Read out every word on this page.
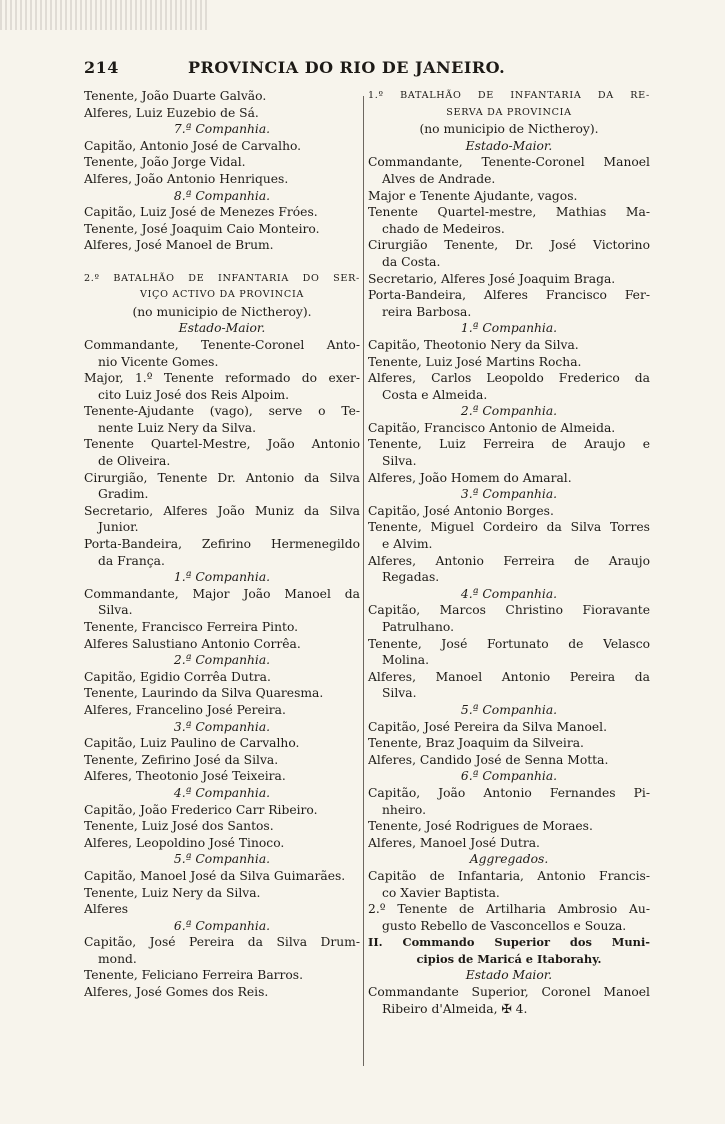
214	PROVINCIA DO RIO DE JANEIRO.
Tenente, João Duarte Galvão.
Alferes, Luiz Euzebio de Sá.
7.ª Companhia.
Capitão, Antonio José de Carvalho.
Tenente, João Jorge Vidal.
Alferes, João Antonio Henriques.
8.ª Companhia.
Capitão, Luiz José de Menezes Fróes.
Tenente, José Joaquim Caio Monteiro.
Alferes, José Manoel de Brum.

2.º BATALHÃO DE INFANTARIA DO SER-
VIÇO ACTIVO DA PROVINCIA
(no municipio de Nictheroy).
Estado-Maior.
Commandante, Tenente-Coronel Anto-
nio Vicente Gomes.
Major, 1.º Tenente reformado do exer-
cito Luiz José dos Reis Alpoim.
Tenente-Ajudante (vago), serve o Te-
nente Luiz Nery da Silva.
Tenente Quartel-Mestre, João Antonio
de Oliveira.
Cirurgião, Tenente Dr. Antonio da Silva
Gradim.
Secretario, Alferes João Muniz da Silva
Junior.
Porta-Bandeira, Zefirino Hermenegildo
da França.
1.ª Companhia.
Commandante, Major João Manoel da
Silva.
Tenente, Francisco Ferreira Pinto.
Alferes Salustiano Antonio Corrêa.
2.ª Companhia.
Capitão, Egidio Corrêa Dutra.
Tenente, Laurindo da Silva Quaresma.
Alferes, Francelino José Pereira.
3.ª Companhia.
Capitão, Luiz Paulino de Carvalho.
Tenente, Zefirino José da Silva.
Alferes, Theotonio José Teixeira.
4.ª Companhia.
Capitão, João Frederico Carr Ribeiro.
Tenente, Luiz José dos Santos.
Alferes, Leopoldino José Tinoco.
5.ª Companhia.
Capitão, Manoel José da Silva Guimarães.
Tenente, Luiz Nery da Silva.
Alferes
6.ª Companhia.
Capitão, José Pereira da Silva Drum-
mond.
Tenente, Feliciano Ferreira Barros.
Alferes, José Gomes dos Reis.
1.º BATALHÃO DE INFANTARIA DA RE-
SERVA DA PROVINCIA
(no municipio de Nictheroy).
Estado-Maior.
Commandante, Tenente-Coronel Manoel
Alves de Andrade.
Major e Tenente Ajudante, vagos.
Tenente Quartel-mestre, Mathias Ma-
chado de Medeiros.
Cirurgião Tenente, Dr. José Victorino
da Costa.
Secretario, Alferes José Joaquim Braga.
Porta-Bandeira, Alferes Francisco Fer-
reira Barbosa.
1.ª Companhia.
Capitão, Theotonio Nery da Silva.
Tenente, Luiz José Martins Rocha.
Alferes, Carlos Leopoldo Frederico da
Costa e Almeida.
2.ª Companhia.
Capitão, Francisco Antonio de Almeida.
Tenente, Luiz Ferreira de Araujo e
Silva.
Alferes, João Homem do Amaral.
3.ª Companhia.
Capitão, José Antonio Borges.
Tenente, Miguel Cordeiro da Silva Torres
e Alvim.
Alferes, Antonio Ferreira de Araujo
Regadas.
4.ª Companhia.
Capitão, Marcos Christino Fioravante
Patrulhano.
Tenente, José Fortunato de Velasco
Molina.
Alferes, Manoel Antonio Pereira da
Silva.
5.ª Companhia.
Capitão, José Pereira da Silva Manoel.
Tenente, Braz Joaquim da Silveira.
Alferes, Candido José de Senna Motta.
6.ª Companhia.
Capitão, João Antonio Fernandes Pi-
nheiro.
Tenente, José Rodrigues de Moraes.
Alferes, Manoel José Dutra.
Aggregados.
Capitão de Infantaria, Antonio Francis-
co Xavier Baptista.
2.º Tenente de Artilharia Ambrosio Au-
gusto Rebello de Vasconcellos e Souza.
II. Commando Superior dos Muni-
cipios de Maricá e Itaborahy.
Estado Maior.
Commandante Superior, Coronel Manoel
Ribeiro d'Almeida, ✠ 4.
